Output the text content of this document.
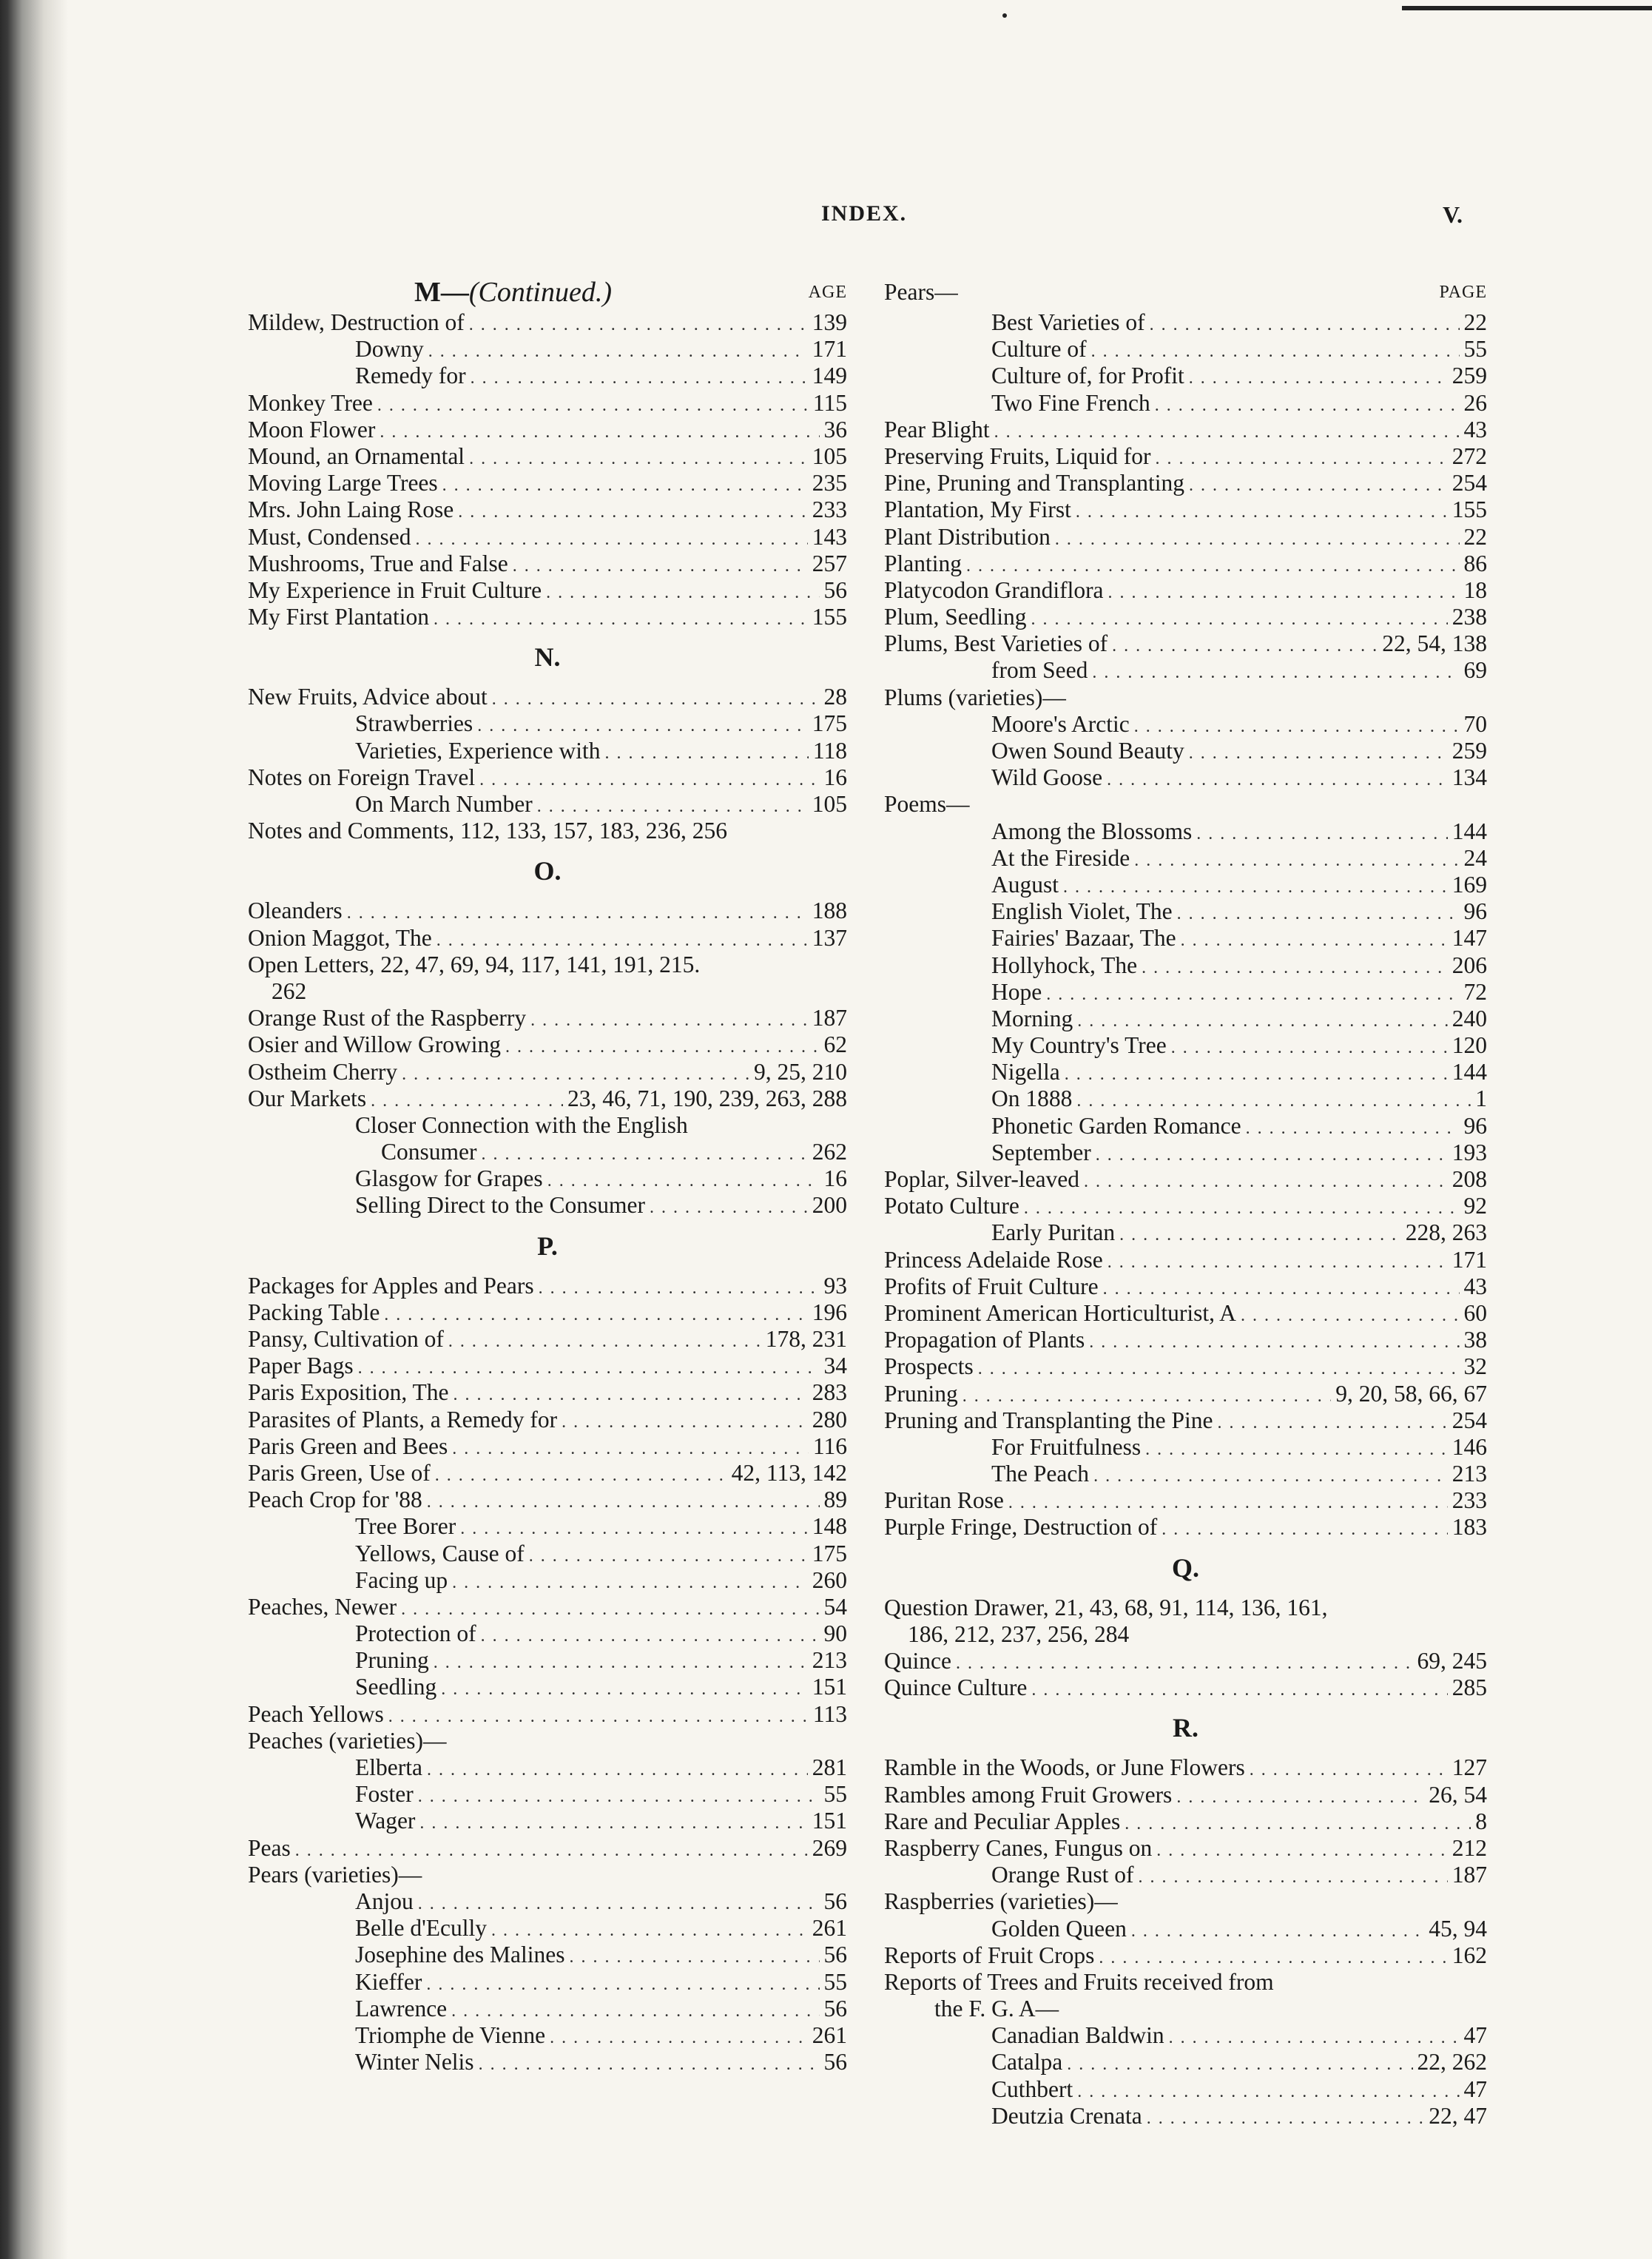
INDEX.	V.
M—(Continued.)	AGE
Mildew, Destruction of . . .	139
Downy . . .	171
Remedy for . . .	149
Monkey Tree . . .	115
Moon Flower . . .	36
Mound, an Ornamental . . .	105
Moving Large Trees . . .	235
Mrs. John Laing Rose . . .	233
Must, Condensed . . .	143
Mushrooms, True and False . . .	257
My Experience in Fruit Culture . . .	56
My First Plantation . . .	155
N.
New Fruits, Advice about . . .	28
Strawberries . . .	175
Varieties, Experience with . . .	118
Notes on Foreign Travel . . .	16
On March Number . . .	105
Notes and Comments, 112, 133, 157, 183, 236, 256
O.
Oleanders . . .	188
Onion Maggot, The . . .	137
Open Letters, 22, 47, 69, 94, 117, 141, 191, 215.
262
Orange Rust of the Raspberry . . .	187
Osier and Willow Growing . . .	62
Ostheim Cherry . . .	9, 25, 210
Our Markets . . .	23, 46, 71, 190, 239, 263, 288
Closer Connection with the English
Consumer . . .	262
Glasgow for Grapes . . .	16
Selling Direct to the Consumer . . .	200
P.
Packages for Apples and Pears . . .	93
Packing Table . . .	196
Pansy, Cultivation of . . .	178, 231
Paper Bags . . .	34
Paris Exposition, The . . .	283
Parasites of Plants, a Remedy for . . .	280
Paris Green and Bees . . .	116
Paris Green, Use of . . .	42, 113, 142
Peach Crop for '88 . . .	89
Tree Borer . . .	148
Yellows, Cause of . . .	175
Facing up . . .	260
Peaches, Newer . . .	54
Protection of . . .	90
Pruning . . .	213
Seedling . . .	151
Peach Yellows . . .	113
Peaches (varieties)—
Elberta . . .	281
Foster . . .	55
Wager . . .	151
Peas . . .	269
Pears (varieties)—
Anjou . . .	56
Belle d'Ecully . . .	261
Josephine des Malines . . .	56
Kieffer . . .	55
Lawrence . . .	56
Triomphe de Vienne . . .	261
Winter Nelis . . .	56
Pears—	PAGE
Best Varieties of . . .	22
Culture of . . .	55
Culture of, for Profit . . .	259
Two Fine French . . .	26
Pear Blight . . .	43
Preserving Fruits, Liquid for . . .	272
Pine, Pruning and Transplanting . . .	254
Plantation, My First . . .	155
Plant Distribution . . .	22
Planting . . .	86
Platycodon Grandiflora . . .	18
Plum, Seedling . . .	238
Plums, Best Varieties of . . .	22, 54, 138
from Seed . . .	69
Plums (varieties)—
Moore's Arctic . . .	70
Owen Sound Beauty . . .	259
Wild Goose . . .	134
Poems—
Among the Blossoms . . .	144
At the Fireside . . .	24
August . . .	169
English Violet, The . . .	96
Fairies' Bazaar, The . . .	147
Hollyhock, The . . .	206
Hope . . .	72
Morning . . .	240
My Country's Tree . . .	120
Nigella . . .	144
On 1888 . . .	1
Phonetic Garden Romance . . .	96
September . . .	193
Poplar, Silver-leaved . . .	208
Potato Culture . . .	92
Early Puritan . . .	228, 263
Princess Adelaide Rose . . .	171
Profits of Fruit Culture . . .	43
Prominent American Horticulturist, A . . .	60
Propagation of Plants . . .	38
Prospects . . .	32
Pruning . . .	9, 20, 58, 66, 67
Pruning and Transplanting the Pine . . .	254
For Fruitfulness . . .	146
The Peach . . .	213
Puritan Rose . . .	233
Purple Fringe, Destruction of . . .	183
Q.
Question Drawer, 21, 43, 68, 91, 114, 136, 161,
186, 212, 237, 256, 284
Quince . . .	69, 245
Quince Culture . . .	285
R.
Ramble in the Woods, or June Flowers . . .	127
Rambles among Fruit Growers . . .	26, 54
Rare and Peculiar Apples . . .	8
Raspberry Canes, Fungus on . . .	212
Orange Rust of . . .	187
Raspberries (varieties)—
Golden Queen . . .	45, 94
Reports of Fruit Crops . . .	162
Reports of Trees and Fruits received from
the F. G. A—
Canadian Baldwin . . .	47
Catalpa . . .	22, 262
Cuthbert . . .	47
Deutzia Crenata . . .	22, 47
